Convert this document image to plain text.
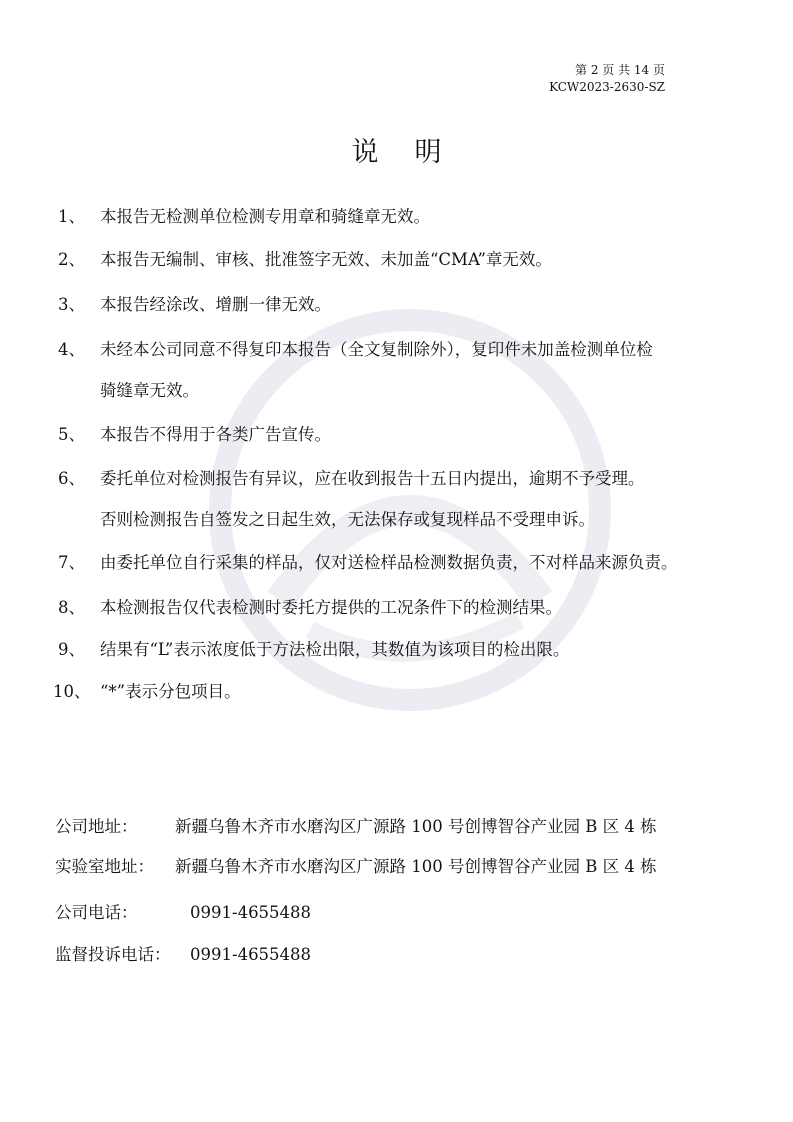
第 2 页 共 14 页
KCW2023-2630-SZ
说明
1、 本报告无检测单位检测专用章和骑缝章无效。
2、 本报告无编制、审核、批准签字无效、未加盖“CMA”章无效。
3、 本报告经涂改、增删一律无效。
4、 未经本公司同意不得复印本报告（全文复制除外），复印件未加盖检测单位检
骑缝章无效。
5、 本报告不得用于各类广告宣传。
6、 委托单位对检测报告有异议，应在收到报告十五日内提出，逾期不予受理。
否则检测报告自签发之日起生效，无法保存或复现样品不受理申诉。
7、 由委托单位自行采集的样品，仅对送检样品检测数据负责，不对样品来源负责。
8、 本检测报告仅代表检测时委托方提供的工况条件下的检测结果。
9、 结果有“L”表示浓度低于方法检出限，其数值为该项目的检出限。
10、 “*”表示分包项目。
公司地址： 新疆乌鲁木齐市水磨沟区广源路 100 号创博智谷产业园 B 区 4 栋
实验室地址： 新疆乌鲁木齐市水磨沟区广源路 100 号创博智谷产业园 B 区 4 栋
公司电话：	0991-4655488
监督投诉电话： 0991-4655488
